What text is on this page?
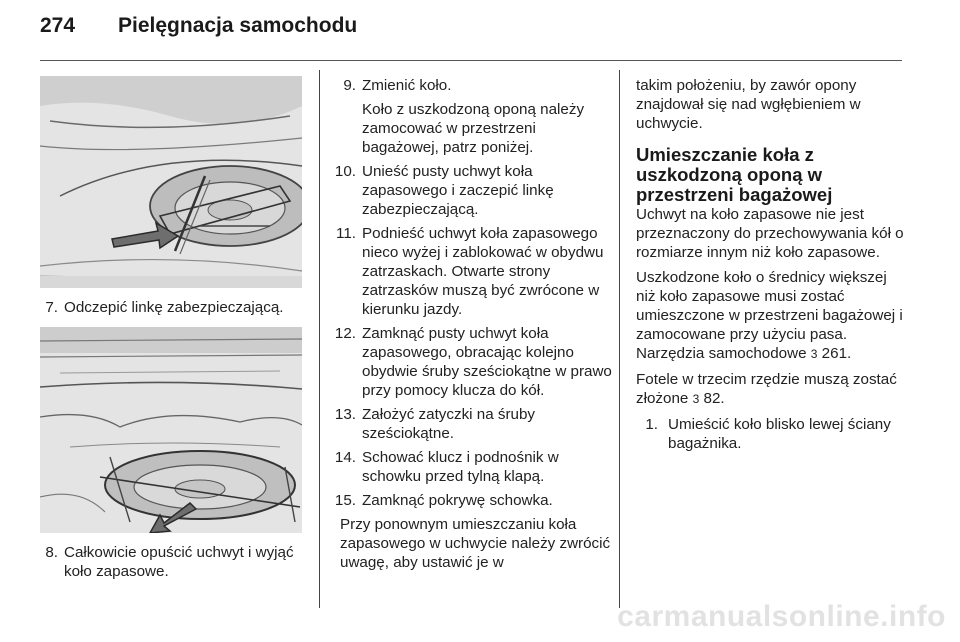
274 Pielęgnacja samochodu
7. Odczepić linkę zabezpieczającą.
8. Całkowicie opuścić uchwyt i wyjąć koło zapasowe.
9. Zmienić koło.
Koło z uszkodzoną oponą należy zamocować w przestrzeni bagażowej, patrz poniżej.
10. Unieść pusty uchwyt koła zapasowego i zaczepić linkę zabezpieczającą.
11. Podnieść uchwyt koła zapasowego nieco wyżej i zablokować w obydwu zatrzaskach. Otwarte strony zatrzasków muszą być zwrócone w kierunku jazdy.
12. Zamknąć pusty uchwyt koła zapasowego, obracając kolejno obydwie śruby sześciokątne w prawo przy pomocy klucza do kół.
13. Założyć zatyczki na śruby sześciokątne.
14. Schować klucz i podnośnik w schowku przed tylną klapą.
15. Zamknąć pokrywę schowka.

Przy ponownym umieszczaniu koła zapasowego w uchwycie należy zwrócić uwagę, aby ustawić je w

takim położeniu, by zawór opony znajdował się nad wgłębieniem w uchwycie.

Umieszczanie koła z uszkodzoną oponą w przestrzeni bagażowej

Uchwyt na koło zapasowe nie jest przeznaczony do przechowywania kół o rozmiarze innym niż koło zapasowe.

Uszkodzone koło o średnicy większej niż koło zapasowe musi zostać umieszczone w przestrzeni bagażowej i zamocowane przy użyciu pasa. Narzędzia samochodowe 3 261.

Fotele w trzecim rzędzie muszą zostać złożone 3 82.

1. Umieścić koło blisko lewej ściany bagażnika.
carmanualsonline.info
